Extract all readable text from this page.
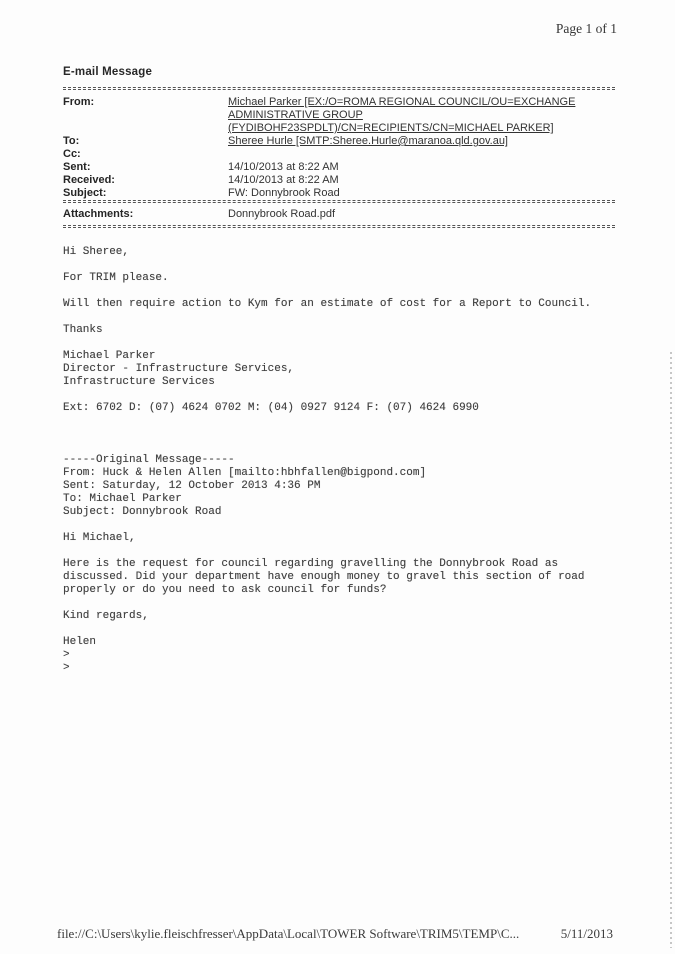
Page 1 of 1
E-mail Message
From:	Michael Parker [EX:/O=ROMA REGIONAL COUNCIL/OU=EXCHANGE
ADMINISTRATIVE GROUP
(FYDIBOHF23SPDLT)/CN=RECIPIENTS/CN=MICHAEL PARKER]
To:	Sheree Hurle [SMTP:Sheree.Hurle@maranoa.qld.gov.au]
Cc:
Sent:	14/10/2013 at 8:22 AM
Received:	14/10/2013 at 8:22 AM
Subject:	FW: Donnybrook Road
Attachments:	Donnybrook Road.pdf
Hi Sheree,

For TRIM please.

Will then require action to Kym for an estimate of cost for a Report to Council.

Thanks

Michael Parker
Director - Infrastructure Services,
Infrastructure Services

Ext: 6702 D: (07) 4624 0702 M: (04) 0927 9124 F: (07) 4624 6990

-----Original Message-----
From: Huck & Helen Allen [mailto:hbhfallen@bigpond.com]
Sent: Saturday, 12 October 2013 4:36 PM
To: Michael Parker
Subject: Donnybrook Road

Hi Michael,

Here is the request for council regarding gravelling the Donnybrook Road as
discussed. Did your department have enough money to gravel this section of road
properly or do you need to ask council for funds?

Kind regards,

Helen
>
>
file://C:\Users\kylie.fleischfresser\AppData\Local\TOWER Software\TRIM5\TEMP\C...	5/11/2013
